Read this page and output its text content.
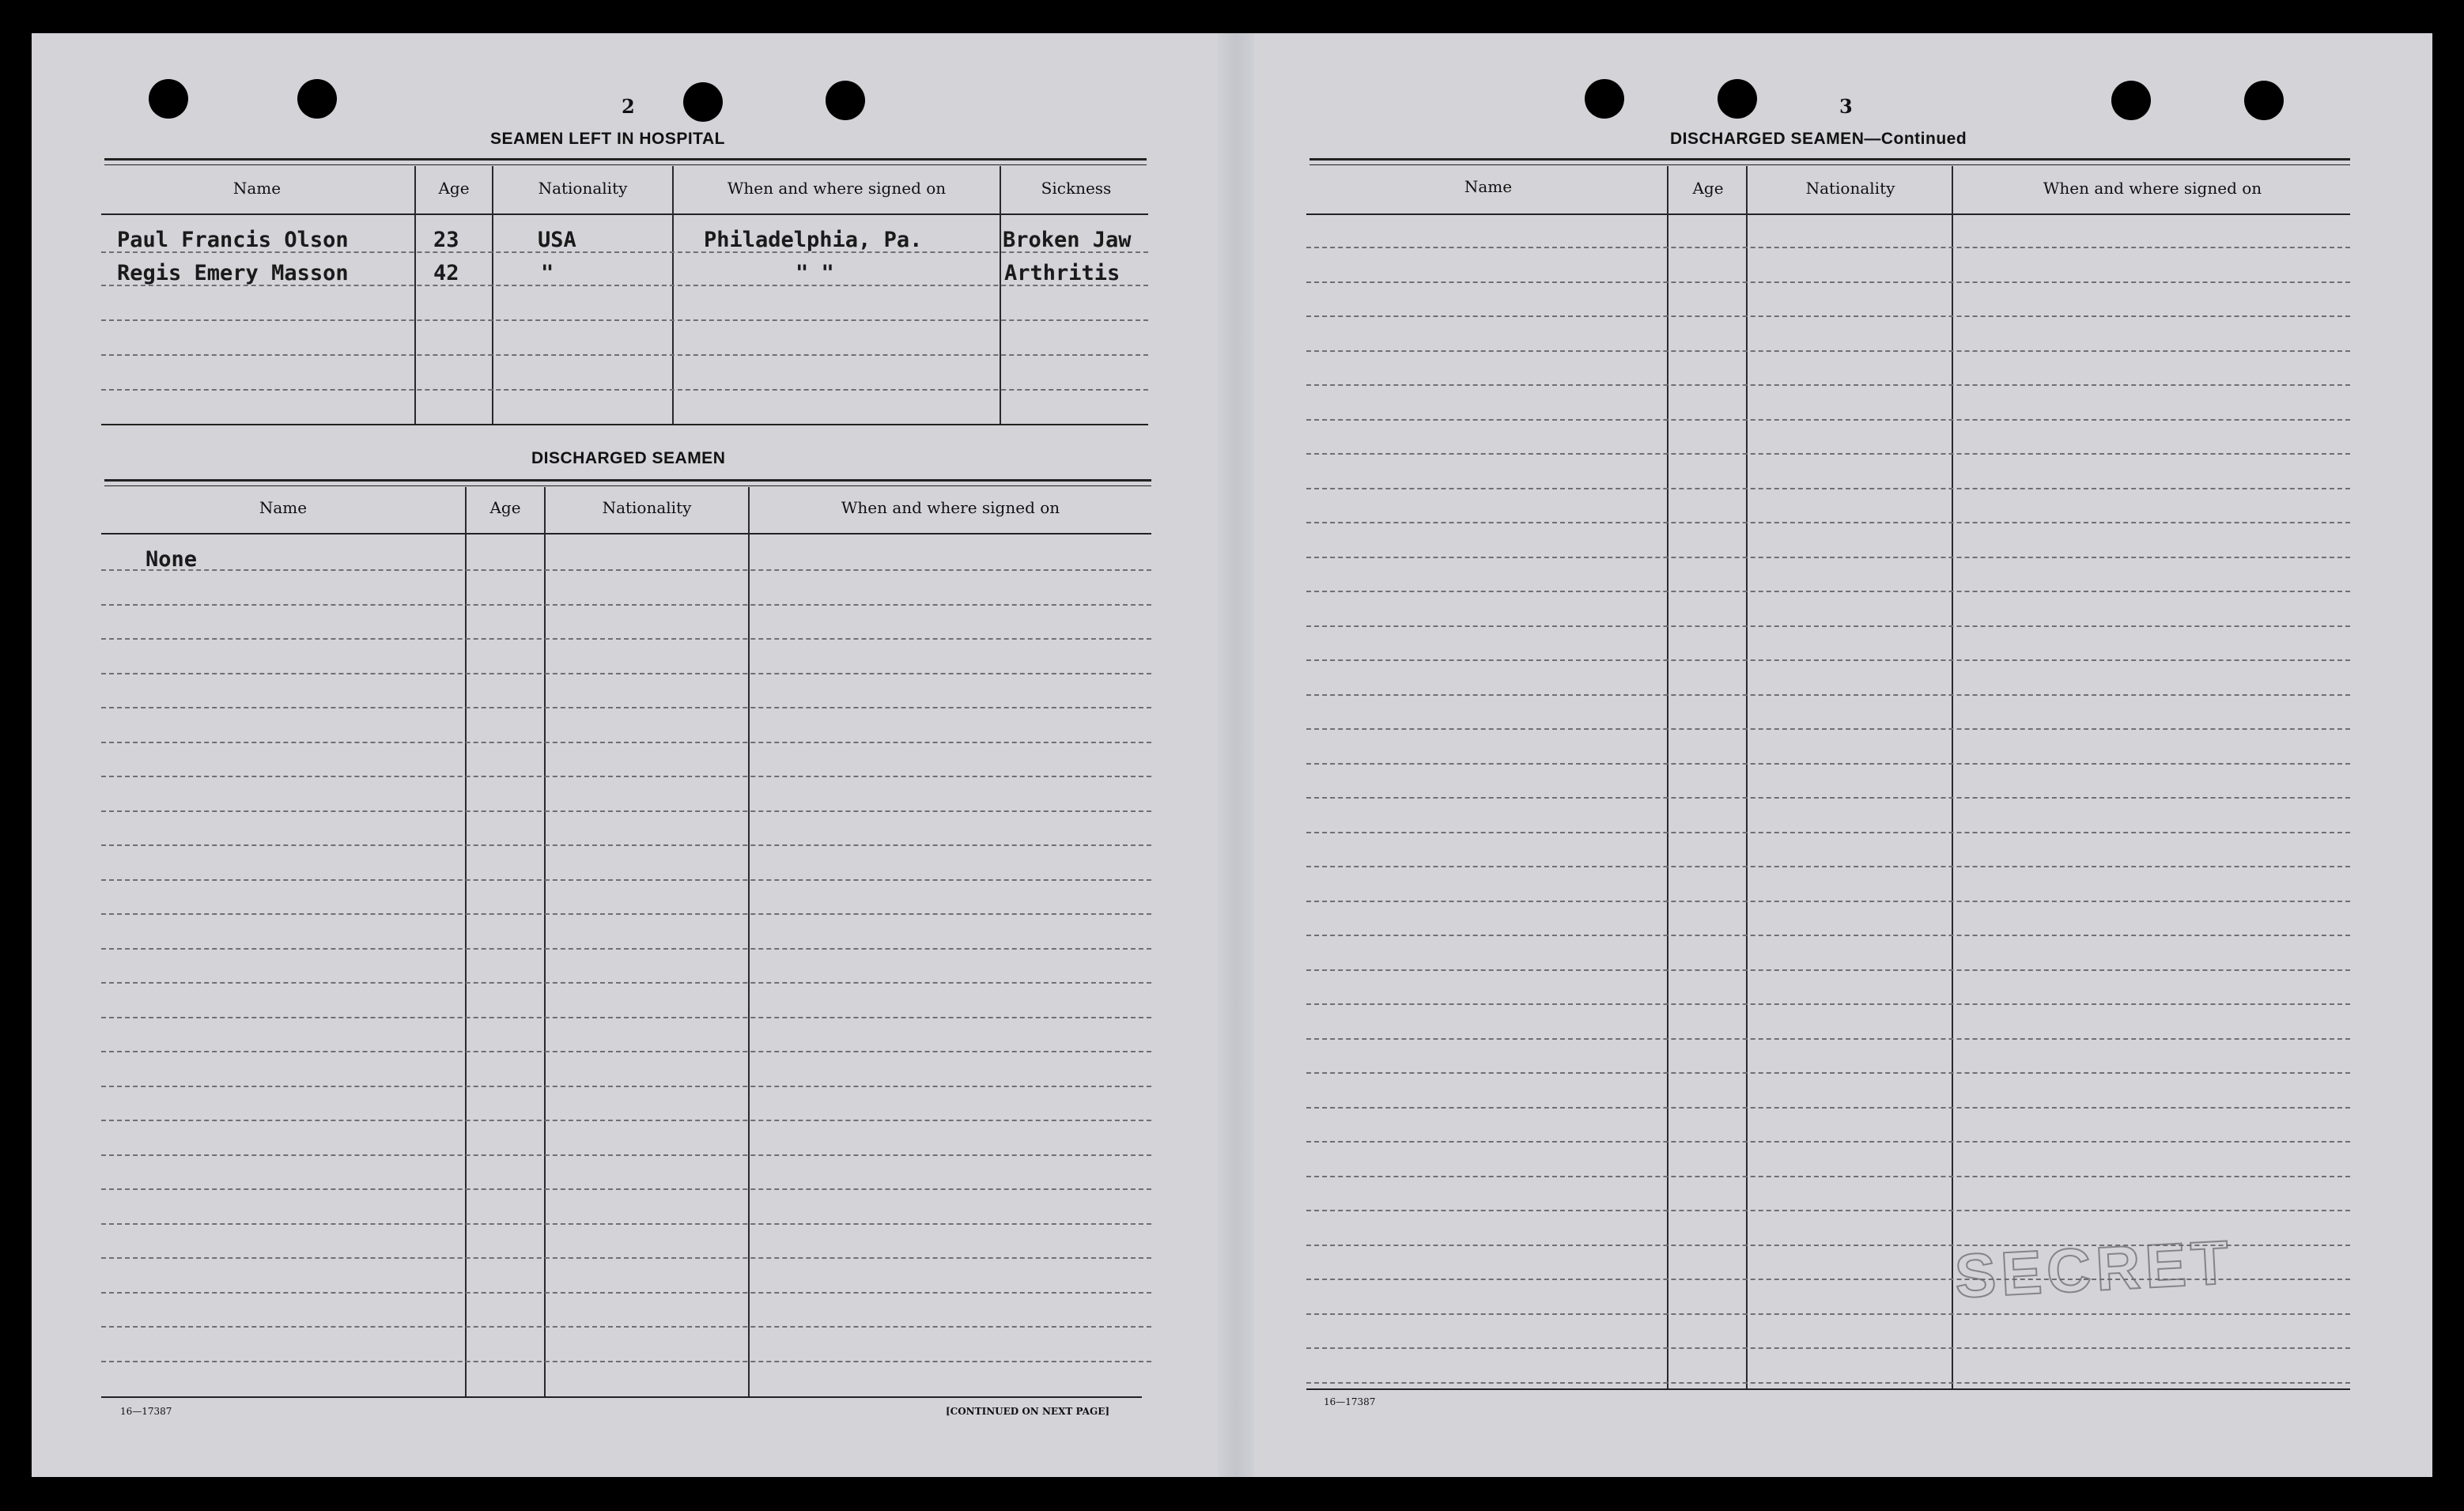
2
SEAMEN LEFT IN HOSPITAL
Name	Age	Nationality	When and where signed on	Sickness
Paul Francis Olson	23	USA	Philadelphia, Pa.	Broken Jaw
Regis Emery Masson	42	"	" "	Arthritis
DISCHARGED SEAMEN
Name	Age	Nationality	When and where signed on
None
16—17387	[CONTINUED ON NEXT PAGE]
3
DISCHARGED SEAMEN—Continued
Name	Age	Nationality	When and where signed on
16—17387
SECRET
